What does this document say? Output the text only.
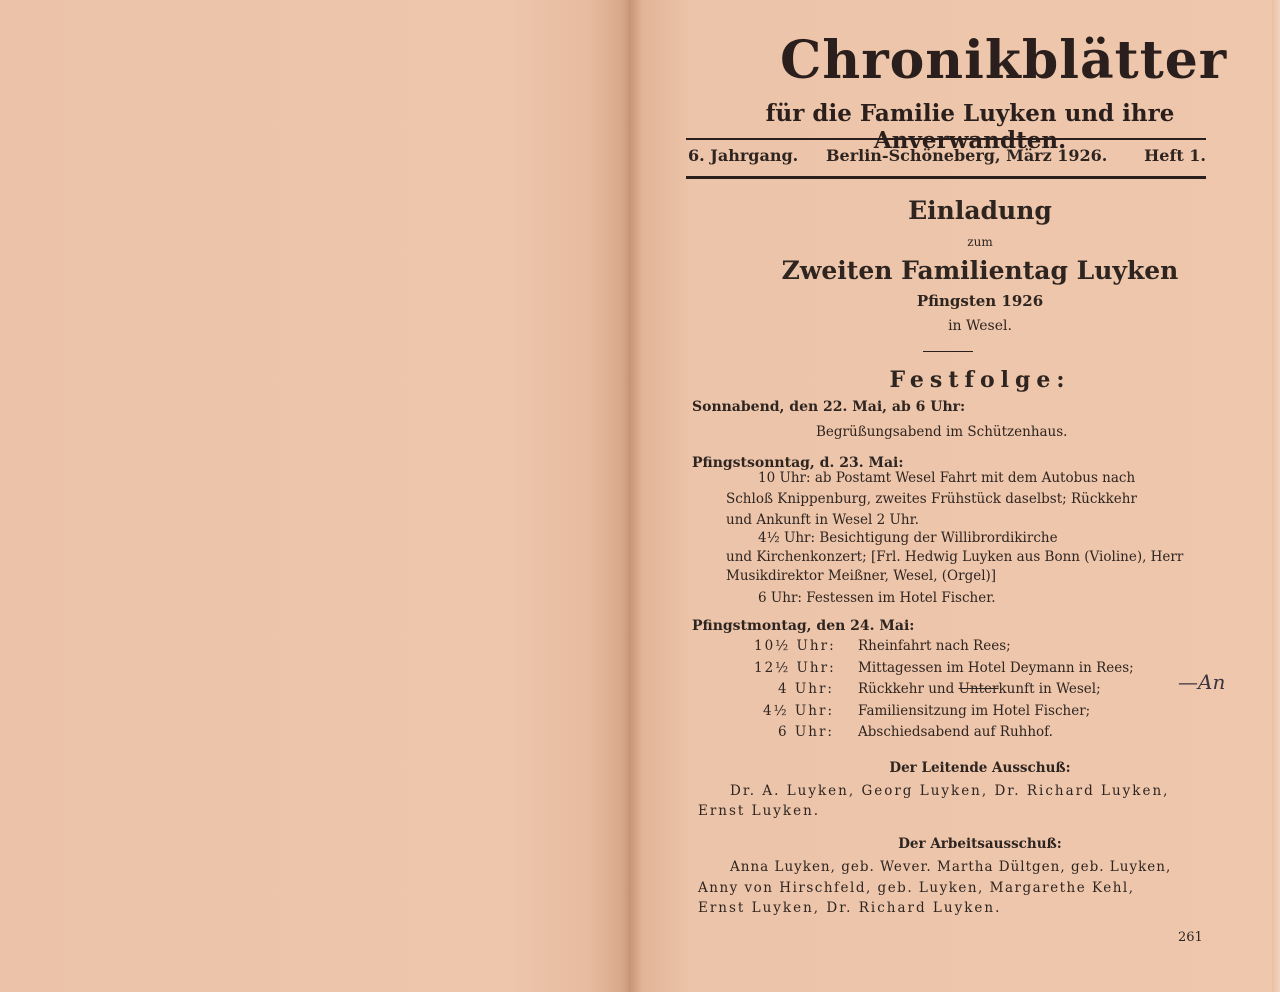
Chronikblätter
für die Familie Luyken und ihre Anverwandten.
6. Jahrgang. Berlin-Schöneberg, März 1926. Heft 1.
Einladung
zum
Zweiten Familientag Luyken
Pfingsten 1926
in Wesel.
Festfolge:
Sonnabend, den 22. Mai, ab 6 Uhr:
Begrüßungsabend im Schützenhaus.
Pfingstsonntag, d. 23. Mai:
10 Uhr: ab Postamt Wesel Fahrt mit dem Autobus nach
Schloß Knippenburg, zweites Frühstück daselbst; Rückkehr
und Ankunft in Wesel 2 Uhr.
4½ Uhr: Besichtigung der Willibrordikirche
und Kirchenkonzert; [Frl. Hedwig Luyken aus Bonn (Violine), Herr
Musikdirektor Meißner, Wesel, (Orgel)]
6 Uhr: Festessen im Hotel Fischer.
Pfingstmontag, den 24. Mai:
10½ Uhr: Rheinfahrt nach Rees;
12½ Uhr: Mittagessen im Hotel Deymann in Rees;
4 Uhr: Rückkehr und Unterkunft in Wesel;
4½ Uhr: Familiensitzung im Hotel Fischer;
6 Uhr: Abschiedsabend auf Ruhhof.
—An
Der Leitende Ausschuß:
Dr. A. Luyken, Georg Luyken, Dr. Richard Luyken,
Ernst Luyken.
Der Arbeitsausschuß:
Anna Luyken, geb. Wever. Martha Dültgen, geb. Luyken,
Anny von Hirschfeld, geb. Luyken, Margarethe Kehl,
Ernst Luyken, Dr. Richard Luyken.
261
